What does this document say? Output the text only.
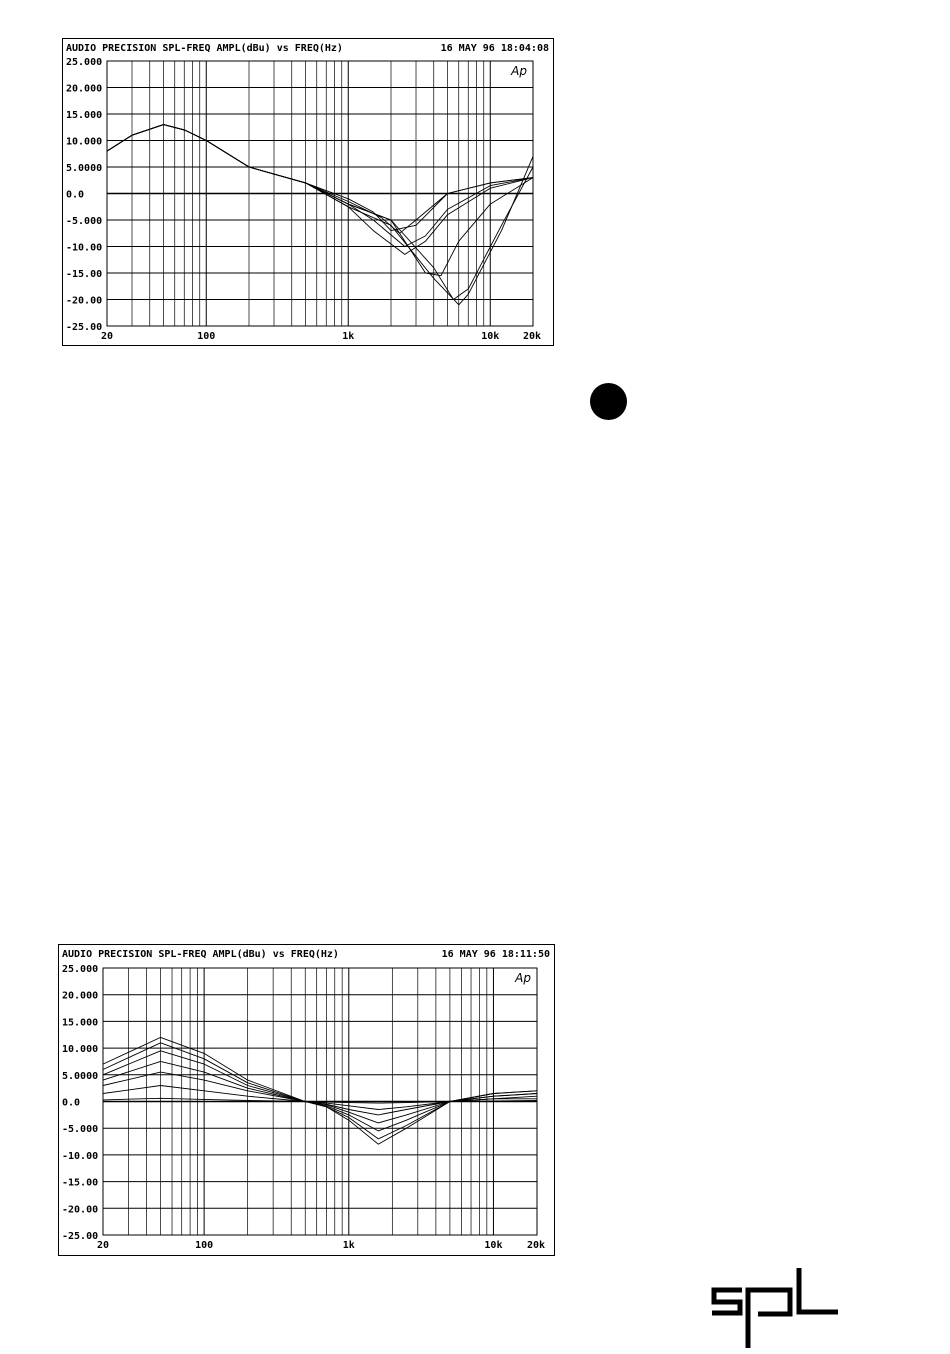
AUDIO PRECISION SPL-FREQ AMPL(dBu) vs FREQ(Hz)	16 MAY 96 18:04:08
25.000
20.000
15.000
10.000
5.0000
0.0
-5.000
-10.00
-15.00
-20.00
-25.00
20	100	1k	10k 20k
Ap
AUDIO PRECISION SPL-FREQ AMPL(dBu) vs FREQ(Hz)	16 MAY 96 18:11:50
25.000
20.000
15.000
10.000
5.0000
0.0
-5.000
-10.00
-15.00
-20.00
-25.00
20	100	1k	10k 20k
Ap
